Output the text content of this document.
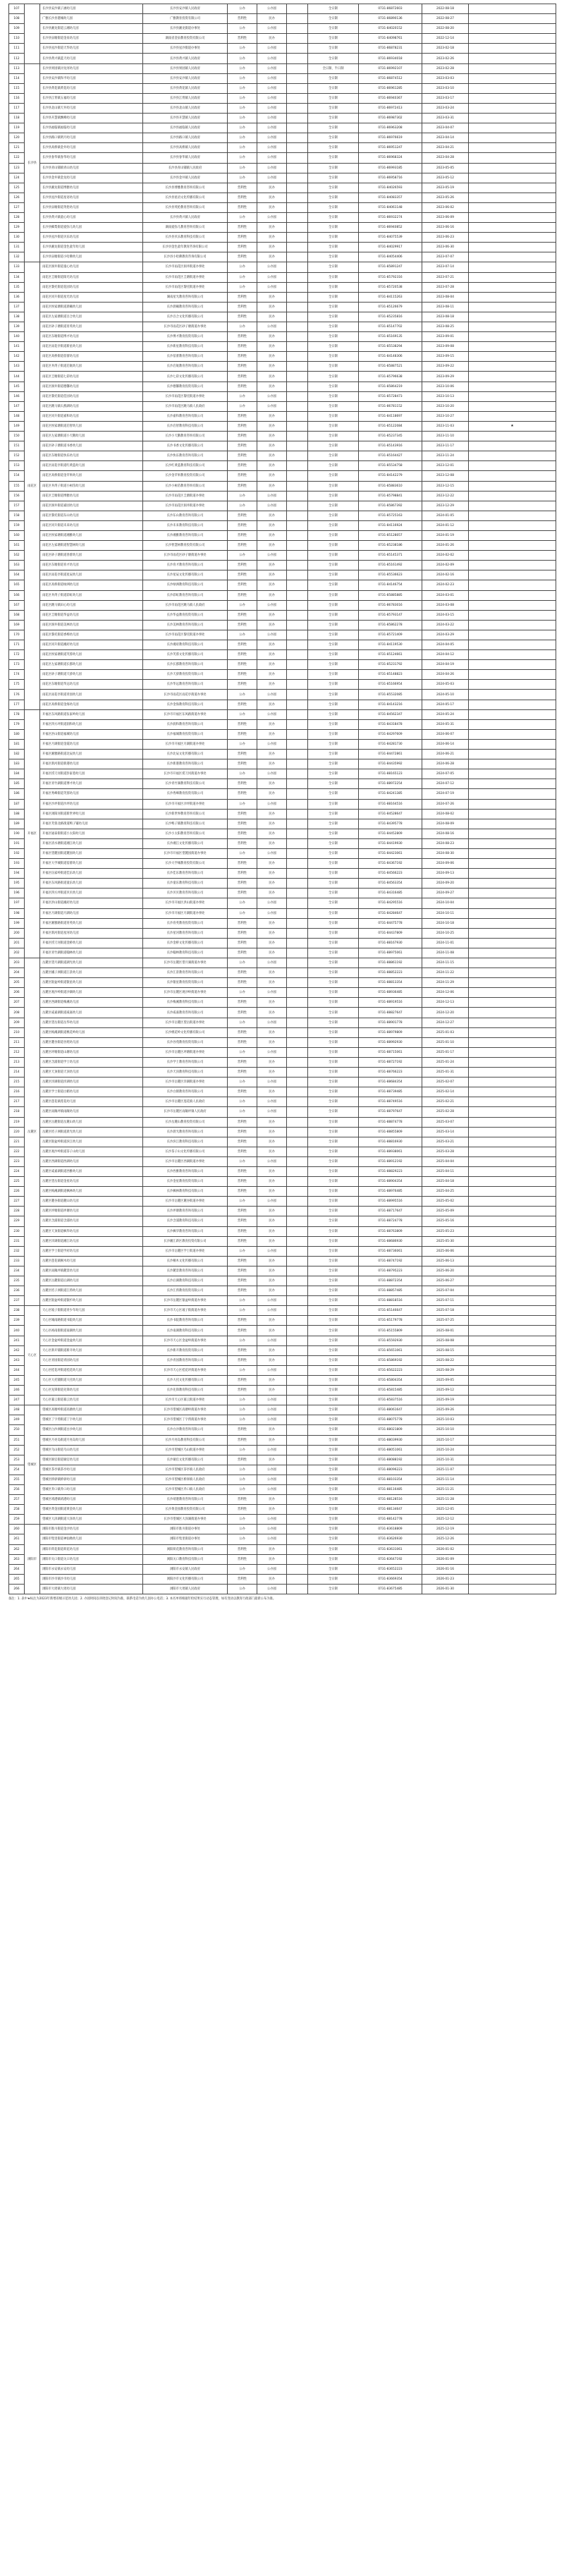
107		长沙县安沙镇子涵幼儿园	长沙县安沙镇人民政府	公办	公办园		全日制	0731-86872603	2022-08-18	
108		广雅长沙县港城幼儿园	广雅教育投资有限公司	营利性	民办		全日制	0731-86890136	2022-08-27	
109		长沙县湘龙街道云湘幼儿园	长沙县湘龙街道办事处	公办	公办园		全日制	0731-84020152	2022-08-20	
110		长沙县泉塘街道金泉幼儿园	湖南省金泉教育投资有限公司	营利性	民办		全日制	0731-84098761	2022-12-14	
111		长沙县星沙街道天华幼儿园	长沙县星沙街道办事处	公办	公办园		全日制	0731-86878231	2023-02-18	
112		长沙县黄兴镇蓝天幼儿园	长沙县黄兴镇人民政府	公办	公办园		全日制	0731-86934018	2023-02-26	
113	长沙县	长沙县果园镇浔龙河幼儿园	长沙县果园镇人民政府	公办	公办园		全日制、半日制	0731-86992107	2023-02-28	
114		长沙县安沙镇和平幼儿园	长沙县安沙镇人民政府	公办	公办园		全日制	0731-86874512	2023-03-03	
115		长沙县黄花镇黄花幼儿园	长沙县黄花镇人民政府	公办	公办园		全日制	0731-86961285	2023-03-10	
116		长沙县江背镇五福幼儿园	长沙县江背镇人民政府	公办	公办园		全日制	0731-86940367	2023-03-17	
117		长沙县北山镇天井幼儿园	长沙县北山镇人民政府	公办	公办园		全日制	0731-86972413	2023-03-24	
118		长沙县开慧镇飘峰幼儿园	长沙县开慧镇人民政府	公办	公办园		全日制	0731-86987302	2023-03-31	
119		长沙县福临镇福临幼儿园	长沙县福临镇人民政府	公办	公办园		全日制	0731-86963208	2023-04-07	
120		长沙县路口镇明月幼儿园	长沙县路口镇人民政府	公办	公办园		全日制	0731-86976619	2023-04-14	
121		长沙县高桥镇金井幼儿园	长沙县高桥镇人民政府	公办	公办园		全日制	0731-86951247	2023-04-21	
122		长沙县春华镇春华幼儿园	长沙县春华镇人民政府	公办	公办园		全日制	0731-86968324	2023-04-28	
123		长沙县青山铺镇青山幼儿园	长沙县青山铺镇人民政府	公办	公办园		全日制	0731-86993185	2023-05-05	
124		长沙县金井镇金龙幼儿园	长沙县金井镇人民政府	公办	公办园		全日制	0731-86958716	2023-05-12	
125		长沙县湘龙街道博雅幼儿园	长沙县博雅教育咨询有限公司	营利性	民办		全日制	0731-84026593	2023-05-19	
126		长沙县星沙街道星语幼儿园	长沙县星语文化传播有限公司	营利性	民办		全日制	0731-84083357	2023-05-26	
127		长沙县泉塘街道英伦幼儿园	长沙县英伦教育咨询有限公司	营利性	民办		全日制	0731-84061148	2023-06-02	
128		长沙县黄兴镇童心幼儿园	长沙县黄兴镇人民政府	公办	公办园		全日制	0731-86932274	2023-06-09	
129		长沙县榔梨街道爱弥儿幼儿园	湖南爱弥儿教育咨询有限公司	营利性	民办		全日制	0731-86940852	2023-06-16	
130		长沙县星沙街道贝乐幼儿园	长沙县贝乐教育科技有限公司	营利性	民办		全日制	0731-84075539	2023-06-23	
131		长沙县湘龙街道金色童年幼儿园	长沙县金色童年教育咨询有限公司	营利性	民办		全日制	0731-84029917	2023-06-30	
132		长沙县泉塘街道小哈佛幼儿园	长沙县小哈佛教育咨询有限公司	营利性	民办		全日制	0731-84054406	2023-07-07	
133	雨花区	雨花区洞井街道童心幼儿园	长沙市雨花区洞井街道办事处	公办	公办园		全日制	0731-85891247	2023-07-14	
134		雨花区圭塘街道阳光幼儿园	长沙市雨花区圭塘街道办事处	公办	公办园		全日制	0731-85792316	2023-07-21	
135		雨花区黎托街道花园幼儿园	长沙市雨花区黎托街道办事处	公办	公办园		全日制	0731-85720538	2023-07-28	
136		雨花区同升街道星光幼儿园	湖南星光教育咨询有限公司	营利性	民办		全日制	0731-84115263	2023-08-04	
137		雨花区侯家塘街道晨曦幼儿园	长沙晨曦教育咨询有限公司	营利性	民办		全日制	0731-85126679	2023-08-11	
138		雨花区左家塘街道百合幼儿园	长沙百合文化传播有限公司	营利性	民办		全日制	0731-85235816	2023-08-18	
139		雨花区砂子塘街道育英幼儿园	长沙市雨花区砂子塘街道办事处	公办	公办园		全日制	0731-85147702	2023-08-25	
140		雨花区东塘街道博才幼儿园	长沙博才教育投资有限公司	营利性	民办		全日制	0731-85169135	2023-09-01	
141		雨花区雨花亭街道新星幼儿园	长沙新星教育科技有限公司	营利性	民办		全日制	0731-85538294	2023-09-08	
142		雨花区高桥街道蓓蕾幼儿园	长沙蓓蕾教育咨询有限公司	营利性	民办		全日制	0731-84148306	2023-09-15	
143		雨花区井湾子街道启航幼儿园	长沙启航教育咨询有限公司	营利性	民办		全日制	0731-85887521	2023-09-22	
144		雨花区圭塘街道七彩幼儿园	长沙七彩文化传播有限公司	营利性	民办		全日制	0731-85796638	2023-09-29	
145		雨花区洞井街道德馨幼儿园	长沙德馨教育投资有限公司	营利性	民办		全日制	0731-85864219	2023-10-06	
146		雨花区黎托街道佳园幼儿园	长沙市雨花区黎托街道办事处	公办	公办园		全日制	0731-85728473	2023-10-13	
147		雨花区跳马镇石燕湖幼儿园	长沙市雨花区跳马镇人民政府	公办	公办园		全日制	0731-86781152	2023-10-20	
148		雨花区同升街道嘉和幼儿园	长沙嘉和教育咨询有限公司	营利性	民办		全日制	0731-84118697	2023-10-27	
149		雨花区侯家塘街道启智幼儿园	长沙启智教育科技有限公司	营利性	民办		全日制	0731-85122084	2023-11-03	★
150		雨花区左家塘街道小天鹅幼儿园	长沙小天鹅教育咨询有限公司	营利性	民办		全日制	0731-85237345	2023-11-10	
151		雨花区砂子塘街道书香幼儿园	长沙书香文化传播有限公司	营利性	民办		全日制	0731-85143916	2023-11-17	
152		雨花区东塘街道快乐幼儿园	长沙快乐教育咨询有限公司	营利性	民办		全日制	0731-85164427	2023-11-24	
153		雨花区雨花亭街道红黄蓝幼儿园	长沙红黄蓝教育科技有限公司	营利性	民办		全日制	0731-85534758	2023-12-01	
154		雨花区高桥街道金苹果幼儿园	长沙金苹果教育投资有限公司	营利性	民办		全日制	0731-84142279	2023-12-08	
155		雨花区井湾子街道小树苗幼儿园	长沙小树苗教育咨询有限公司	营利性	民办		全日制	0731-85883610	2023-12-15	
156		雨花区圭塘街道博雅幼儿园	长沙市雨花区圭塘街道办事处	公办	公办园		全日制	0731-85798841	2023-12-22	
157		雨花区洞井街道嘉园幼儿园	长沙市雨花区洞井街道办事处	公办	公办园		全日制	0731-85867392	2023-12-29	
158		雨花区黎托街道东山幼儿园	长沙东山教育咨询有限公司	营利性	民办		全日制	0731-85725163	2024-01-05	
159		雨花区同升街道未来幼儿园	长沙未来教育科技有限公司	营利性	民办		全日制	0731-84116924	2024-01-12	
160		雨花区侯家塘街道湘雅幼儿园	长沙湘雅教育咨询有限公司	营利性	民办		全日制	0731-85128057	2024-01-19	
161		雨花区左家塘街道智慧树幼儿园	长沙智慧树教育投资有限公司	营利性	民办		全日制	0731-85238186	2024-01-26	
162		雨花区砂子塘街道春蕾幼儿园	长沙市雨花区砂子塘街道办事处	公办	公办园		全日制	0731-85145371	2024-02-02	
163		雨花区东塘街道育才幼儿园	长沙育才教育咨询有限公司	营利性	民办		全日制	0731-85161492	2024-02-09	
164		雨花区雨花亭街道星辰幼儿园	长沙星辰文化传播有限公司	营利性	民办		全日制	0731-85536623	2024-02-16	
165		雨花区高桥街道绿洲幼儿园	长沙绿洲教育科技有限公司	营利性	民办		全日制	0731-84146754	2024-02-23	
166		雨花区井湾子街道彩虹幼儿园	长沙彩虹教育咨询有限公司	营利性	民办		全日制	0731-85885885	2024-03-01	
167		雨花区跳马镇田心幼儿园	长沙市雨花区跳马镇人民政府	公办	公办园		全日制	0731-86783016	2024-03-08	
168		雨花区圭塘街道华益幼儿园	长沙华益教育投资有限公司	营利性	民办		全日制	0731-85793147	2024-03-15	
169		雨花区洞井街道美林幼儿园	长沙美林教育咨询有限公司	营利性	民办		全日制	0731-85862278	2024-03-22	
170		雨花区黎托街道香樟幼儿园	长沙市雨花区黎托街道办事处	公办	公办园		全日制	0731-85721409	2024-03-29	
171		雨花区同升街道湘府幼儿园	长沙湘府教育科技有限公司	营利性	民办		全日制	0731-84119530	2024-04-05	
172		雨花区侯家塘街道芙蓉幼儿园	长沙芙蓉文化传播有限公司	营利性	民办		全日制	0731-85124661	2024-04-12	
173		雨花区左家塘街道长郡幼儿园	长沙长郡教育咨询有限公司	营利性	民办		全日制	0731-85231792	2024-04-19	
174		雨花区砂子塘街道天骄幼儿园	长沙天骄教育投资有限公司	营利性	民办		全日制	0731-85148823	2024-04-26	
175		雨花区东塘街道华远幼儿园	长沙华远教育咨询有限公司	营利性	民办		全日制	0731-85166954	2024-05-03	
176		雨花区雨花亭街道青园幼儿园	长沙市雨花区雨花亭街道办事处	公办	公办园		全日制	0731-85532085	2024-05-10	
177		雨花区高桥街道金海幼儿园	长沙金海教育科技有限公司	营利性	民办		全日制	0731-84143216	2024-05-17	
178	开福区	开福区东风路街道伍家岭幼儿园	长沙市开福区东风路街道办事处	公办	公办园		全日制	0731-84562347	2024-05-24	
179		开福区四方坪街道润和幼儿园	长沙润和教育咨询有限公司	营利性	民办		全日制	0731-84318478	2024-05-31	
180		开福区洪山街道福城幼儿园	长沙福城教育投资有限公司	营利性	民办		全日制	0731-84297609	2024-06-07	
181		开福区月湖街道金霞幼儿园	长沙市开福区月湖街道办事处	公办	公办园		全日制	0731-84281730	2024-06-14	
182		开福区湘雅路街道北辰幼儿园	长沙北辰文化传播有限公司	营利性	民办		全日制	0731-84472861	2024-06-21	
183		开福区新河街道新港幼儿园	长沙新港教育咨询有限公司	营利性	民办		全日制	0731-84435992	2024-06-28	
184		开福区捞刀河街道彭家巷幼儿园	长沙市开福区捞刀河街道办事处	公办	公办园		全日制	0731-88165123	2024-07-05	
185		开福区青竹湖街道博才幼儿园	长沙青竹湖教育科技有限公司	营利性	民办		全日制	0731-88972254	2024-07-12	
186		开福区秀峰街道芙蓉幼儿园	长沙秀峰教育投资有限公司	营利性	民办		全日制	0731-84241385	2024-07-19	
187		开福区沙坪街道沙坪幼儿园	长沙市开福区沙坪街道办事处	公办	公办园		全日制	0731-88164516	2024-07-26	
188		开福区浏阳河街道新世界幼儿园	长沙新世界教育咨询有限公司	营利性	民办		全日制	0731-84528647	2024-08-02	
189		开福区芙蓉北路街道鸭子铺幼儿园	长沙鸭子铺教育科技有限公司	营利性	民办		全日制	0731-84395778	2024-08-09	
190		开福区通泰街街道小太阳幼儿园	长沙小太阳教育咨询有限公司	营利性	民办		全日制	0731-84452809	2024-08-16	
191		开福区清水塘街道湘江幼儿园	长沙湘江文化传播有限公司	营利性	民办		全日制	0731-84419930	2024-08-23	
192		开福区望麓园街道麓园幼儿园	长沙市开福区望麓园街道办事处	公办	公办园		全日制	0731-84423061	2024-08-30	
193		开福区大学城街道蓓蕾幼儿园	长沙大学城教育投资有限公司	营利性	民办		全日制	0731-84367192	2024-09-06	
194		开福区伍家岭街道佳乐幼儿园	长沙佳乐教育咨询有限公司	营利性	民办		全日制	0731-84566223	2024-09-13	
195		开福区东风路街道童乐幼儿园	长沙童乐教育科技有限公司	营利性	民办		全日制	0731-84563354	2024-09-20	
196		开福区四方坪街道贝贝幼儿园	长沙贝贝教育咨询有限公司	营利性	民办		全日制	0731-84316485	2024-09-27	
197		开福区洪山街道湘府幼儿园	长沙市开福区洪山街道办事处	公办	公办园		全日制	0731-84295516	2024-10-04	
198		开福区月湖街道月湖幼儿园	长沙市开福区月湖街道办事处	公办	公办园		全日制	0731-84284647	2024-10-11	
199		开福区湘雅路街道育英幼儿园	长沙育英教育投资有限公司	营利性	民办		全日制	0731-84475778	2024-10-18	
200		开福区新河街道星河幼儿园	长沙星河教育咨询有限公司	营利性	民办		全日制	0731-84437809	2024-10-25	
201		开福区捞刀河街道金桥幼儿园	长沙金桥文化传播有限公司	营利性	民办		全日制	0731-88167930	2024-11-01	
202		开福区青竹湖街道翰林幼儿园	长沙翰林教育科技有限公司	营利性	民办		全日制	0731-88975061	2024-11-08	
203	岳麓区	岳麓区望月湖街道湖光幼儿园	长沙市岳麓区望月湖街道办事处	公办	公办园		全日制	0731-88861192	2024-11-15	
204		岳麓区橘子洲街道江景幼儿园	长沙江景教育咨询有限公司	营利性	民办		全日制	0731-88852223	2024-11-22	
205		岳麓区银盆岭街道银星幼儿园	长沙银星教育投资有限公司	营利性	民办		全日制	0731-88813354	2024-11-29	
206		岳麓区观沙岭街道沙湖幼儿园	长沙市岳麓区观沙岭街道办事处	公办	公办园		全日制	0731-88936485	2024-12-06	
207		岳麓区西湖街道梅溪幼儿园	长沙梅溪教育科技有限公司	营利性	民办		全日制	0731-88919516	2024-12-13	
208		岳麓区咸嘉湖街道咸嘉幼儿园	长沙咸嘉教育咨询有限公司	营利性	民办		全日制	0731-88827647	2024-12-20	
209		岳麓区望岳街道岳华幼儿园	长沙市岳麓区望岳街道办事处	公办	公办园		全日制	0731-88901778	2024-12-27	
210		岳麓区梅溪湖街道桃花岭幼儿园	长沙桃花岭文化传播有限公司	营利性	民办		全日制	0731-88979809	2025-01-03	
211		岳麓区麓谷街道谷苑幼儿园	长沙谷苑教育投资有限公司	营利性	民办		全日制	0731-88992930	2025-01-10	
212		岳麓区坪塘街道山塘幼儿园	长沙市岳麓区坪塘街道办事处	公办	公办园		全日制	0731-88715061	2025-01-17	
213		岳麓区含浦街道学士幼儿园	长沙学士教育咨询有限公司	营利性	民办		全日制	0731-88727192	2025-01-24	
214		岳麓区天顶街道天顶幼儿园	长沙天顶教育科技有限公司	营利性	民办		全日制	0731-88766223	2025-01-31	
215		岳麓区洋湖街道洋湖幼儿园	长沙市岳麓区洋湖街道办事处	公办	公办园		全日制	0731-88684354	2025-02-07	
216		岳麓区学士街道白鹤幼儿园	长沙白鹤教育咨询有限公司	营利性	民办		全日制	0731-88739485	2025-02-14	
217		岳麓区莲花镇莲花幼儿园	长沙市岳麓区莲花镇人民政府	公办	公办园		全日制	0731-88749516	2025-02-21	
218		岳麓区雨敞坪镇雨敞幼儿园	长沙市岳麓区雨敞坪镇人民政府	公办	公办园		全日制	0731-88797647	2025-02-28	
219		岳麓区岳麓街道岳麓山幼儿园	长沙岳麓山教育投资有限公司	营利性	民办		全日制	0731-88874778	2025-03-07	
220		岳麓区桔子洲街道晨光幼儿园	长沙晨光教育咨询有限公司	营利性	民办		全日制	0731-88855809	2025-03-14	
221		岳麓区银盆岭街道滨江幼儿园	长沙滨江教育科技有限公司	营利性	民办		全日制	0731-88816930	2025-03-21	
222		岳麓区观沙岭街道茶子山幼儿园	长沙茶子山文化传播有限公司	营利性	民办		全日制	0731-88938061	2025-03-28	
223		岳麓区西湖街道西湖幼儿园	长沙市岳麓区西湖街道办事处	公办	公办园		全日制	0731-88912192	2025-04-04	
224		岳麓区咸嘉湖街道西雅幼儿园	长沙西雅教育咨询有限公司	营利性	民办		全日制	0731-88829223	2025-04-11	
225		岳麓区望岳街道金星幼儿园	长沙金星教育投资有限公司	营利性	民办		全日制	0731-88904354	2025-04-18	
226		岳麓区梅溪湖街道枫林幼儿园	长沙枫林教育科技有限公司	营利性	民办		全日制	0731-88976485	2025-04-25	
227		岳麓区麓谷街道麓山幼儿园	长沙市岳麓区麓谷街道办事处	公办	公办园		全日制	0731-88995516	2025-05-02	
228		岳麓区坪塘街道坪塘幼儿园	长沙坪塘教育咨询有限公司	营利性	民办		全日制	0731-88717647	2025-05-09	
229		岳麓区含浦街道含浦幼儿园	长沙含浦教育科技有限公司	营利性	民办		全日制	0731-88724778	2025-05-16	
230		岳麓区天顶街道枫华幼儿园	长沙枫华教育咨询有限公司	营利性	民办		全日制	0731-88763809	2025-05-23	
231		岳麓区洋湖街道湘江幼儿园	长沙湘江新区教育投资有限公司	营利性	民办		全日制	0731-88686930	2025-05-30	
232		岳麓区学士街道学府幼儿园	长沙市岳麓区学士街道办事处	公办	公办园		全日制	0731-88736061	2025-06-06	
233		岳麓区莲花镇桐木幼儿园	长沙桐木文化传播有限公司	营利性	民办		全日制	0731-88747192	2025-06-13	
234		岳麓区雨敞坪镇麓景幼儿园	长沙麓景教育咨询有限公司	营利性	民办		全日制	0731-88795223	2025-06-20	
235		岳麓区岳麓街道后湖幼儿园	长沙后湖教育科技有限公司	营利性	民办		全日制	0731-88872354	2025-06-27	
236		岳麓区桔子洲街道江湾幼儿园	长沙江湾教育投资有限公司	营利性	民办		全日制	0731-88857485	2025-07-04	
237		岳麓区银盆岭街道银杉幼儿园	长沙市岳麓区银盆岭街道办事处	公办	公办园		全日制	0731-88818516	2025-07-11	
238	天心区	天心区坡子街街道青少年幼儿园	长沙市天心区坡子街街道办事处	公办	公办园		全日制	0731-85146647	2025-07-18	
239		天心区城南路街道书院幼儿园	长沙书院教育咨询有限公司	营利性	民办		全日制	0731-85179778	2025-07-25	
240		天心区裕南街街道南湖幼儿园	长沙南湖教育科技有限公司	营利性	民办		全日制	0731-85155809	2025-08-01	
241		天心区金盆岭街道金盆幼儿园	长沙市天心区金盆岭街道办事处	公办	公办园		全日制	0731-85592930	2025-08-08	
242		天心区新开铺街道新开幼儿园	长沙新开教育投资有限公司	营利性	民办		全日制	0731-85651061	2025-08-15	
243		天心区青园街道青园幼儿园	长沙青园教育咨询有限公司	营利性	民办		全日制	0731-85869192	2025-08-22	
244		天心区桂花坪街道桂花幼儿园	长沙市天心区桂花坪街道办事处	公办	公办园		全日制	0731-85622223	2025-08-29	
245		天心区大托铺街道大托幼儿园	长沙大托文化传播有限公司	营利性	民办		全日制	0731-85804354	2025-09-05	
246		天心区先锋街道先锋幼儿园	长沙先锋教育科技有限公司	营利性	民办		全日制	0731-85815485	2025-09-12	
247		天心区暮云街道暮云幼儿园	长沙市天心区暮云街道办事处	公办	公办园		全日制	0731-85837516	2025-09-19	
248	望城区	望城区高塘岭街道高塘幼儿园	长沙市望城区高塘岭街道办事处	公办	公办园		全日制	0731-88061647	2025-09-26	
249		望城区丁字湾街道丁字幼儿园	长沙市望城区丁字湾街道办事处	公办	公办园		全日制	0731-88075778	2025-10-03	
250		望城区白沙洲街道白沙幼儿园	长沙白沙教育咨询有限公司	营利性	民办		全日制	0731-88021809	2025-10-10	
251		望城区月亮岛街道月亮岛幼儿园	长沙月亮岛教育科技有限公司	营利性	民办		全日制	0731-88039930	2025-10-17	
252		望城区乌山街道乌山幼儿园	长沙市望城区乌山街道办事处	公办	公办园		全日制	0731-88051061	2025-10-24	
253		望城区铜官街道铜官幼儿园	长沙铜官文化传播有限公司	营利性	民办		全日制	0731-88088192	2025-10-31	
254		望城区茶亭镇茶亭幼儿园	长沙市望城区茶亭镇人民政府	公办	公办园		全日制	0731-88096223	2025-11-07	
255		望城区桥驿镇桥驿幼儿园	长沙市望城区桥驿镇人民政府	公办	公办园		全日制	0731-88103354	2025-11-14	
256		望城区乔口镇乔口幼儿园	长沙市望城区乔口镇人民政府	公办	公办园		全日制	0731-88116485	2025-11-21	
257		望城区靖港镇靖港幼儿园	长沙靖港教育咨询有限公司	营利性	民办		全日制	0731-88128516	2025-11-28	
258		望城区黄金园街道黄金幼儿园	长沙黄金园教育投资有限公司	营利性	民办		全日制	0731-88134647	2025-12-05	
259		望城区大泽湖街道大泽幼儿园	长沙市望城区大泽湖街道办事处	公办	公办园		全日制	0731-88142778	2025-12-12	
260	浏阳市	浏阳市淮川街道金沙幼儿园	浏阳市淮川街道办事处	公办	公办园		全日制	0731-83618809	2025-12-19	
261		浏阳市集里街道神仙坳幼儿园	浏阳市集里街道办事处	公办	公办园		全日制	0731-83626930	2025-12-26	
262		浏阳市荷花街道荷花幼儿园	浏阳荷花教育咨询有限公司	营利性	民办		全日制	0731-83631061	2026-01-02	
263		浏阳市关口街道关口幼儿园	浏阳关口教育科技有限公司	营利性	民办		全日制	0731-83647192	2026-01-09	
264		浏阳市永安镇永安幼儿园	浏阳市永安镇人民政府	公办	公办园		全日制	0731-83652223	2026-01-16	
265		浏阳市沙市镇沙市幼儿园	浏阳沙市文化传播有限公司	营利性	民办		全日制	0731-83669354	2026-01-23	
266		浏阳市大瑶镇大瑶幼儿园	浏阳市大瑶镇人民政府	公办	公办园		全日制	0731-83675485	2026-01-30	
备注：1. 表中★标注为2023年新增省级示范幼儿园；2. 办园时间以审批登记时间为准，联系电话为幼儿园办公电话；3. 本名单将根据年检结果实行动态管理，如有变动以教育行政部门最新公布为准。
